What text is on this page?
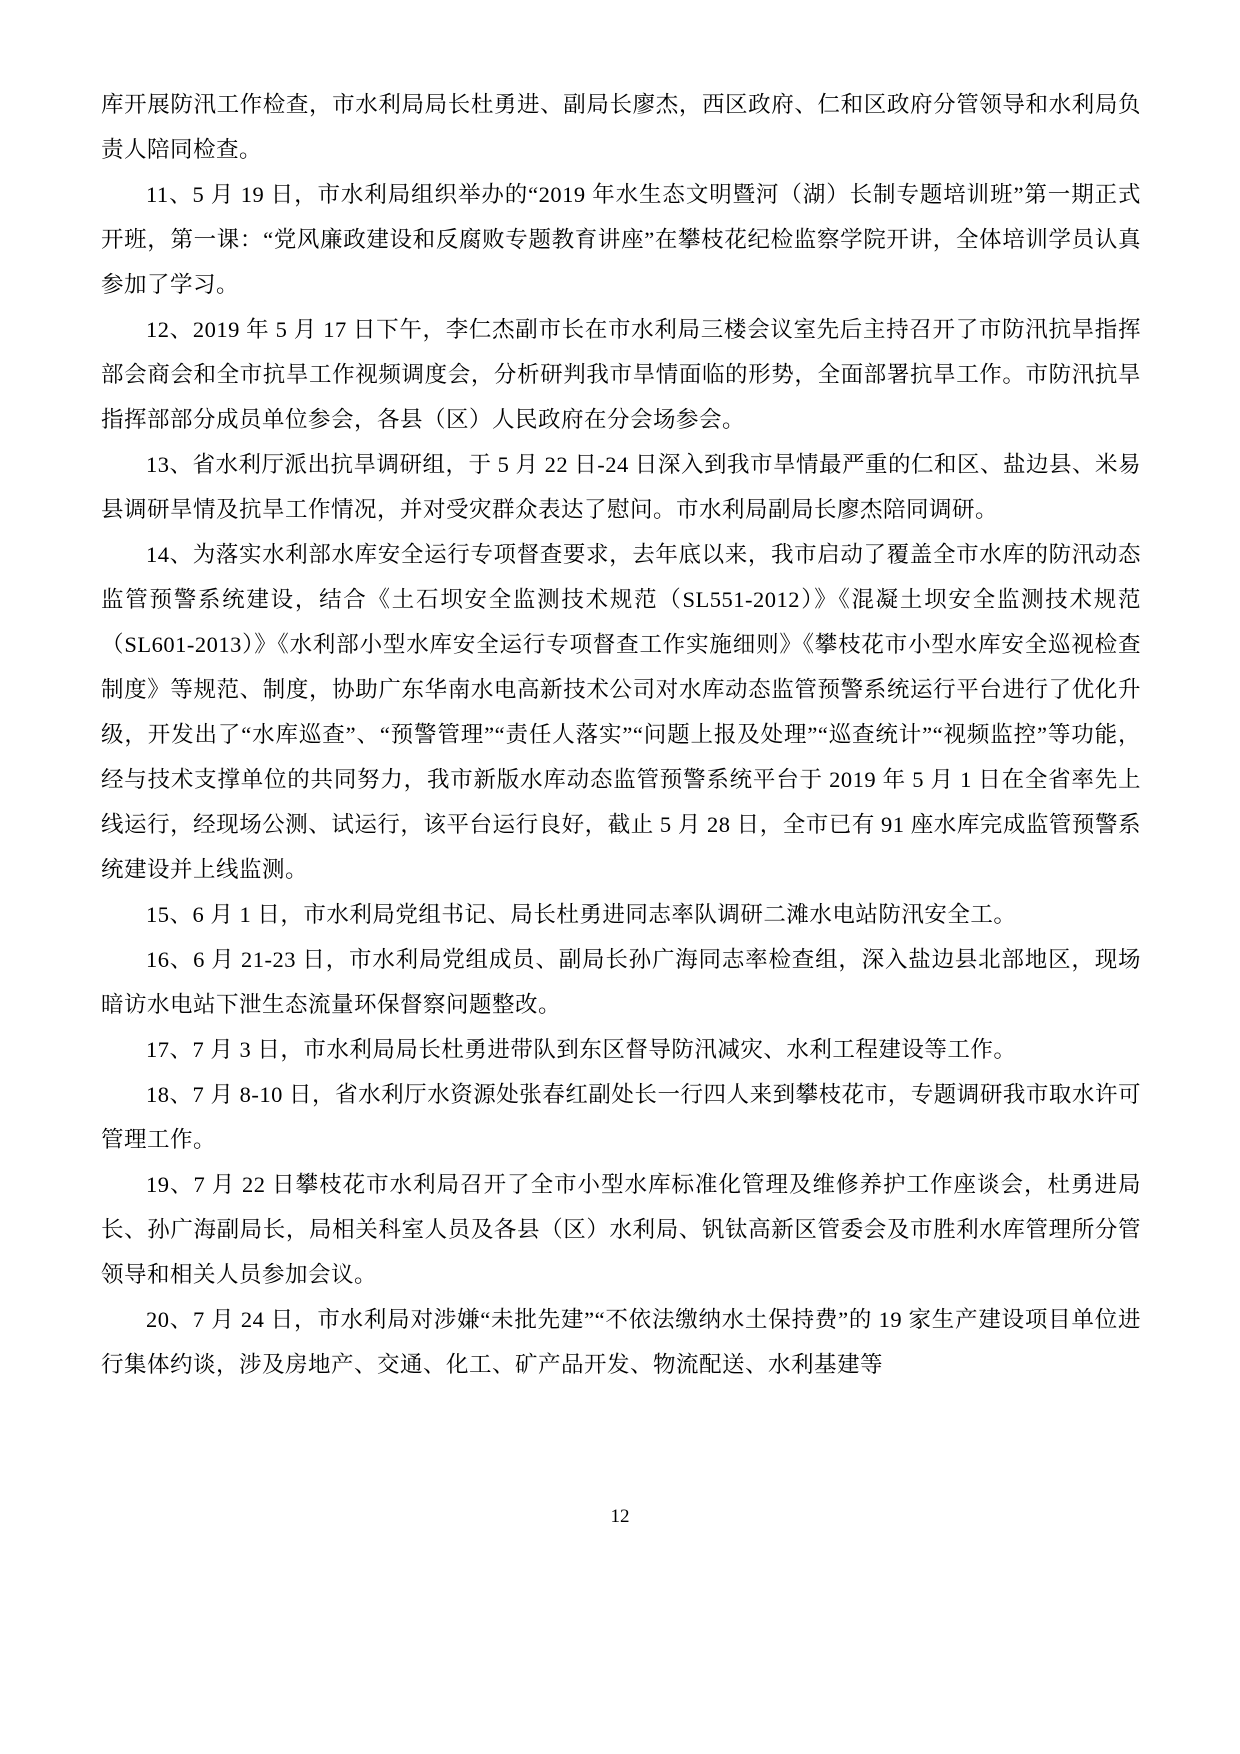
库开展防汛工作检查，市水利局局长杜勇进、副局长廖杰，西区政府、仁和区政府分管领导和水利局负责人陪同检查。

11、5 月 19 日，市水利局组织举办的“2019 年水生态文明暨河（湖）长制专题培训班”第一期正式开班，第一课：“党风廉政建设和反腐败专题教育讲座”在攀枝花纪检监察学院开讲，全体培训学员认真参加了学习。

12、2019 年 5 月 17 日下午，李仁杰副市长在市水利局三楼会议室先后主持召开了市防汛抗旱指挥部会商会和全市抗旱工作视频调度会，分析研判我市旱情面临的形势，全面部署抗旱工作。市防汛抗旱指挥部部分成员单位参会，各县（区）人民政府在分会场参会。

13、省水利厅派出抗旱调研组，于 5 月 22 日-24 日深入到我市旱情最严重的仁和区、盐边县、米易县调研旱情及抗旱工作情况，并对受灾群众表达了慰问。市水利局副局长廖杰陪同调研。

14、为落实水利部水库安全运行专项督查要求，去年底以来，我市启动了覆盖全市水库的防汛动态监管预警系统建设，结合《土石坝安全监测技术规范（SL551-2012）》《混凝土坝安全监测技术规范（SL601-2013）》《水利部小型水库安全运行专项督查工作实施细则》《攀枝花市小型水库安全巡视检查制度》等规范、制度，协助广东华南水电高新技术公司对水库动态监管预警系统运行平台进行了优化升级，开发出了“水库巡查”、“预警管理”“责任人落实”“问题上报及处理”“巡查统计”“视频监控”等功能，经与技术支撑单位的共同努力，我市新版水库动态监管预警系统平台于 2019 年 5 月 1 日在全省率先上线运行，经现场公测、试运行，该平台运行良好，截止 5 月 28 日，全市已有 91 座水库完成监管预警系统建设并上线监测。

15、6 月 1 日，市水利局党组书记、局长杜勇进同志率队调研二滩水电站防汛安全工。

16、6 月 21-23 日，市水利局党组成员、副局长孙广海同志率检查组，深入盐边县北部地区，现场暗访水电站下泄生态流量环保督察问题整改。

17、7 月 3 日，市水利局局长杜勇进带队到东区督导防汛减灾、水利工程建设等工作。

18、7 月 8-10 日，省水利厅水资源处张春红副处长一行四人来到攀枝花市，专题调研我市取水许可管理工作。

19、7 月 22 日攀枝花市水利局召开了全市小型水库标准化管理及维修养护工作座谈会，杜勇进局长、孙广海副局长，局相关科室人员及各县（区）水利局、钒钛高新区管委会及市胜利水库管理所分管领导和相关人员参加会议。

20、7 月 24 日，市水利局对涉嫌“未批先建”“不依法缴纳水土保持费”的 19 家生产建设项目单位进行集体约谈，涉及房地产、交通、化工、矿产品开发、物流配送、水利基建等

12
